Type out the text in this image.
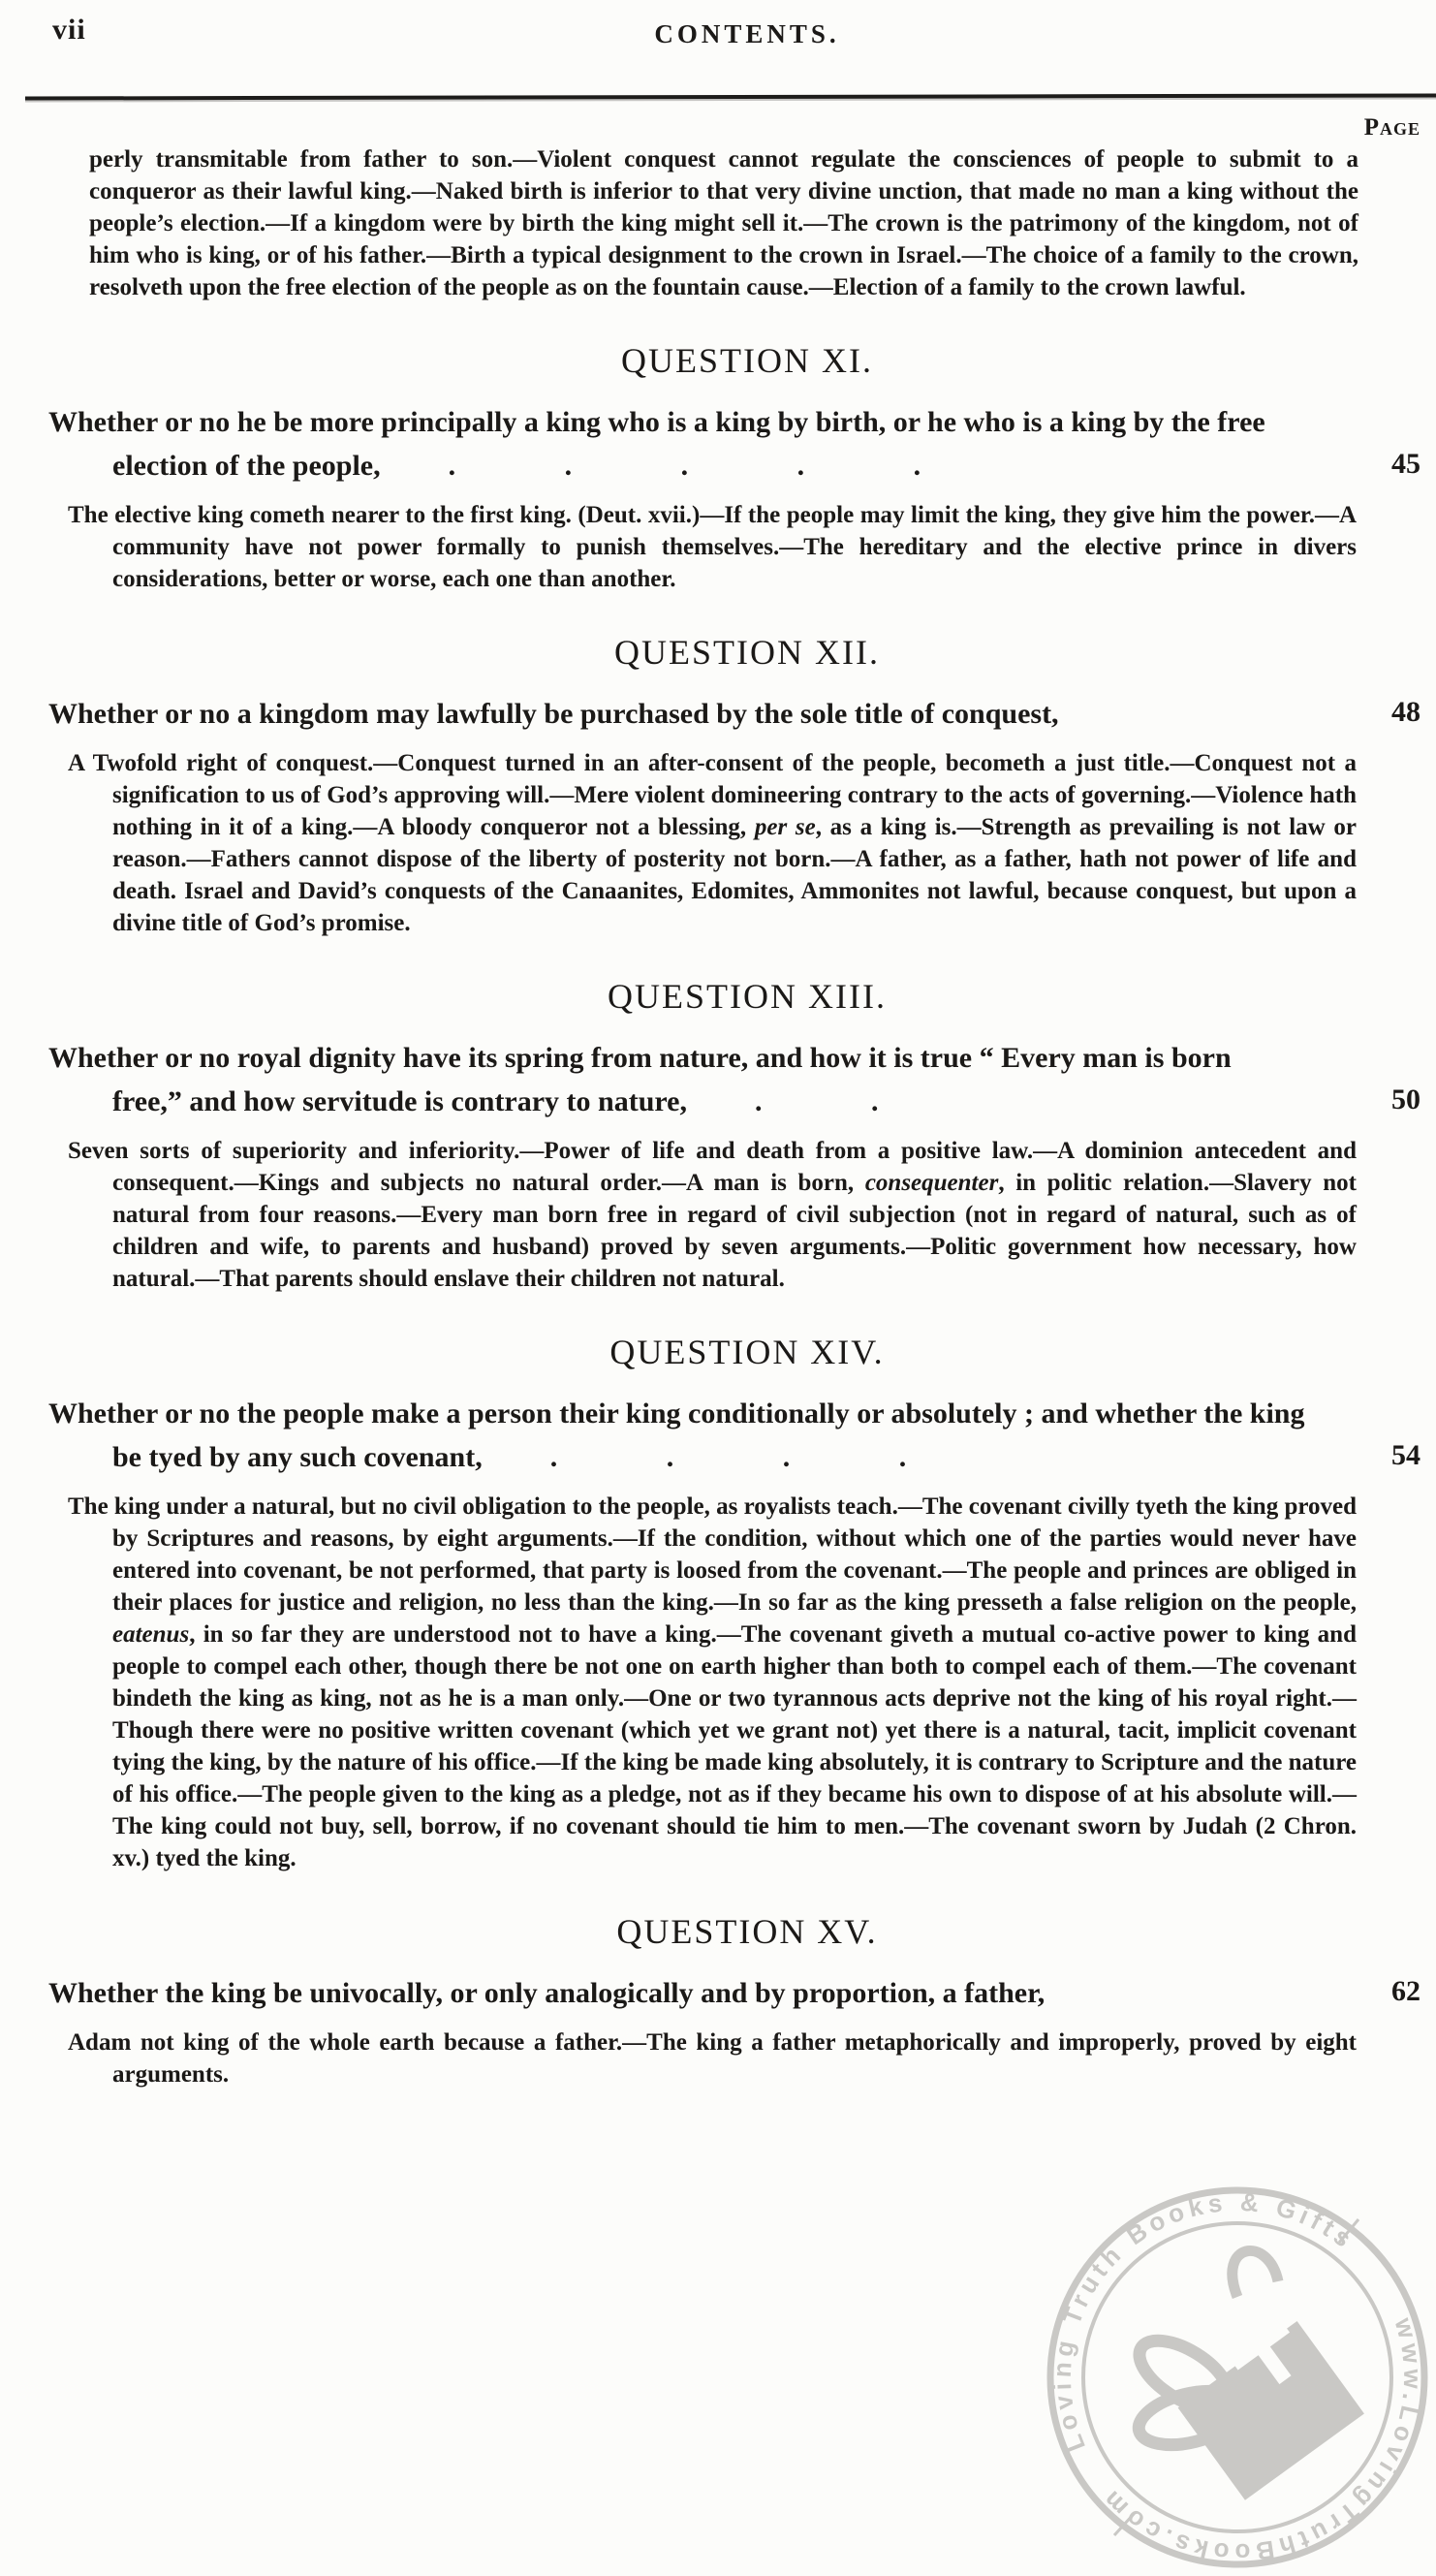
Loving Truth Books & Gifts
www.LovingTruthBooks.com
vii	CONTENTS.
Page

perly transmitable from father to son.—Violent conquest cannot regulate the consciences of people to submit to a conqueror as their lawful king.—Naked birth is inferior to that very divine unction, that made no man a king without the people’s election.—If a kingdom were by birth the king might sell it.—The crown is the patrimony of the kingdom, not of him who is king, or of his father.—Birth a typical designment to the crown in Israel.—The choice of a family to the crown, resolveth upon the free election of the people as on the fountain cause.—Election of a family to the crown lawful.

QUESTION XI.
Whether or no he be more principally a king who is a king by birth, or he who is a king by the free election of the people, . . . . .	45

The elective king cometh nearer to the first king. (Deut. xvii.)—If the people may limit the king, they give him the power.—A community have not power formally to punish themselves.—The hereditary and the elective prince in divers considerations, better or worse, each one than another.

QUESTION XII.
Whether or no a kingdom may lawfully be purchased by the sole title of conquest,	48

A Twofold right of conquest.—Conquest turned in an after-consent of the people, becometh a just title.—Conquest not a signification to us of God’s approving will.—Mere violent domineering contrary to the acts of governing.—Violence hath nothing in it of a king.—A bloody conqueror not a blessing, per se, as a king is.—Strength as prevailing is not law or reason.—Fathers cannot dispose of the liberty of posterity not born.—A father, as a father, hath not power of life and death. Israel and David’s conquests of the Canaanites, Edomites, Ammonites not lawful, because conquest, but upon a divine title of God’s promise.

QUESTION XIII.
Whether or no royal dignity have its spring from nature, and how it is true “ Every man is born free,” and how servitude is contrary to nature, . .	50

Seven sorts of superiority and inferiority.—Power of life and death from a positive law.—A dominion antecedent and consequent.—Kings and subjects no natural order.—A man is born, consequenter, in politic relation.—Slavery not natural from four reasons.—Every man born free in regard of civil subjection (not in regard of natural, such as of children and wife, to parents and husband) proved by seven arguments.—Politic government how necessary, how natural.—That parents should enslave their children not natural.

QUESTION XIV.
Whether or no the people make a person their king conditionally or absolutely ; and whether the king be tyed by any such covenant, . . . .	54

The king under a natural, but no civil obligation to the people, as royalists teach.—The covenant civilly tyeth the king proved by Scriptures and reasons, by eight arguments.—If the condition, without which one of the parties would never have entered into covenant, be not performed, that party is loosed from the covenant.—The people and princes are obliged in their places for justice and religion, no less than the king.—In so far as the king presseth a false religion on the people, eatenus, in so far they are understood not to have a king.—The covenant giveth a mutual co-active power to king and people to compel each other, though there be not one on earth higher than both to compel each of them.—The covenant bindeth the king as king, not as he is a man only.—One or two tyrannous acts deprive not the king of his royal right.—Though there were no positive written covenant (which yet we grant not) yet there is a natural, tacit, implicit covenant tying the king, by the nature of his office.—If the king be made king absolutely, it is contrary to Scripture and the nature of his office.—The people given to the king as a pledge, not as if they became his own to dispose of at his absolute will.—The king could not buy, sell, borrow, if no covenant should tie him to men.—The covenant sworn by Judah (2 Chron. xv.) tyed the king.

QUESTION XV.
Whether the king be univocally, or only analogically and by proportion, a father,	62

Adam not king of the whole earth because a father.—The king a father metaphorically and improperly, proved by eight arguments.
